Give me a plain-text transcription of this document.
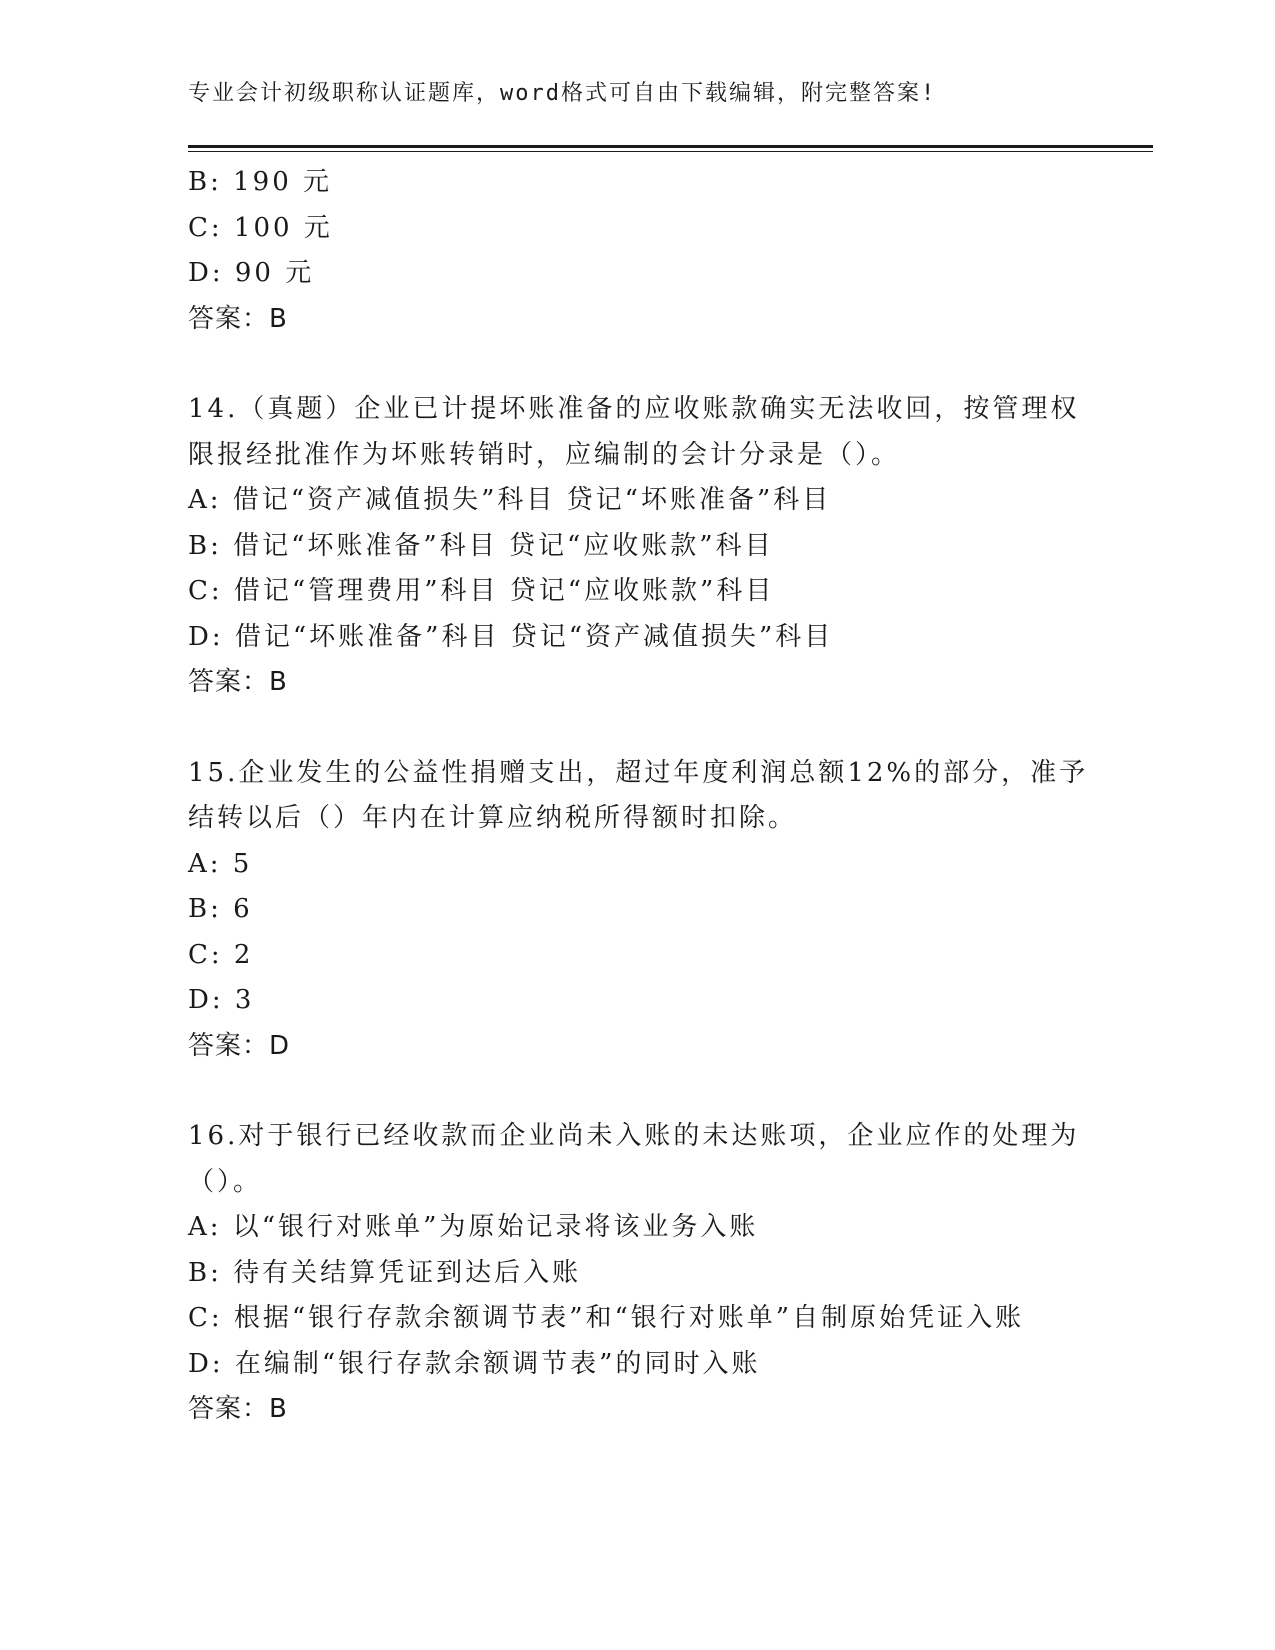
专业会计初级职称认证题库，word格式可自由下载编辑，附完整答案!
B: 190 元
C: 100 元
D: 90 元
答案：B
14.（真题）企业已计提坏账准备的应收账款确实无法收回，按管理权
限报经批准作为坏账转销时，应编制的会计分录是（）。
A: 借记“资产减值损失”科目 贷记“坏账准备”科目
B: 借记“坏账准备”科目 贷记“应收账款”科目
C: 借记“管理费用”科目 贷记“应收账款”科目
D: 借记“坏账准备”科目 贷记“资产减值损失”科目
答案：B
15.企业发生的公益性捐赠支出，超过年度利润总额12%的部分，准予
结转以后（）年内在计算应纳税所得额时扣除。
A: 5
B: 6
C: 2
D: 3
答案：D
16.对于银行已经收款而企业尚未入账的未达账项，企业应作的处理为
（）。
A: 以“银行对账单”为原始记录将该业务入账
B: 待有关结算凭证到达后入账
C: 根据“银行存款余额调节表”和“银行对账单”自制原始凭证入账
D: 在编制“银行存款余额调节表”的同时入账
答案：B
